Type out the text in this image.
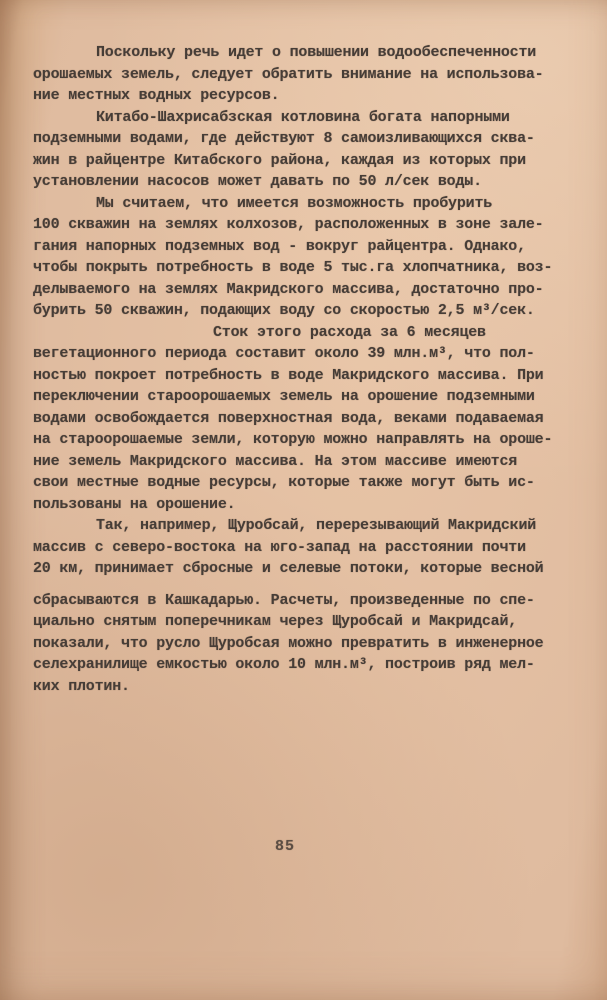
Поскольку речь идет о повышении водообеспеченности
орошаемых земель, следует обратить внимание на использова-
ние местных водных ресурсов.
Китабо-Шахрисабзская котловина богата напорными
подземными водами, где действуют 8 самоизливающихся сква-
жин в райцентре Китабского района, каждая из которых при
установлении насосов может давать по 50 л/сек воды.
Мы считаем, что имеется возможность пробурить
100 скважин на землях колхозов, расположенных в зоне зале-
гания напорных подземных вод - вокруг райцентра. Однако,
чтобы покрыть потребность в воде 5 тыс.га хлопчатника, воз-
делываемого на землях Макридского массива, достаточно про-
бурить 50 скважин, подающих воду со скоростью 2,5 м³/сек.
Сток этого расхода за 6 месяцев
вегетационного периода составит около 39 млн.м³, что пол-
ностью покроет потребность в воде Макридского массива. При
переключении староорошаемых земель на орошение подземными
водами освобождается поверхностная вода, веками подаваемая
на староорошаемые земли, которую можно направлять на ороше-
ние земель Макридского массива. На этом массиве имеются
свои местные водные ресурсы, которые также могут быть ис-
пользованы на орошение.
Так, например, Щуробсай, перерезывающий Макридский
массив с северо-востока на юго-запад на расстоянии почти
20 км, принимает сбросные и селевые потоки, которые весной
сбрасываются в Кашкадарью. Расчеты, произведенные по спе-
циально снятым поперечникам через Щуробсай и Макридсай,
показали, что русло Щуробсая можно превратить в инженерное
селехранилище емкостью около 10 млн.м³, построив ряд мел-
ких плотин.
85
